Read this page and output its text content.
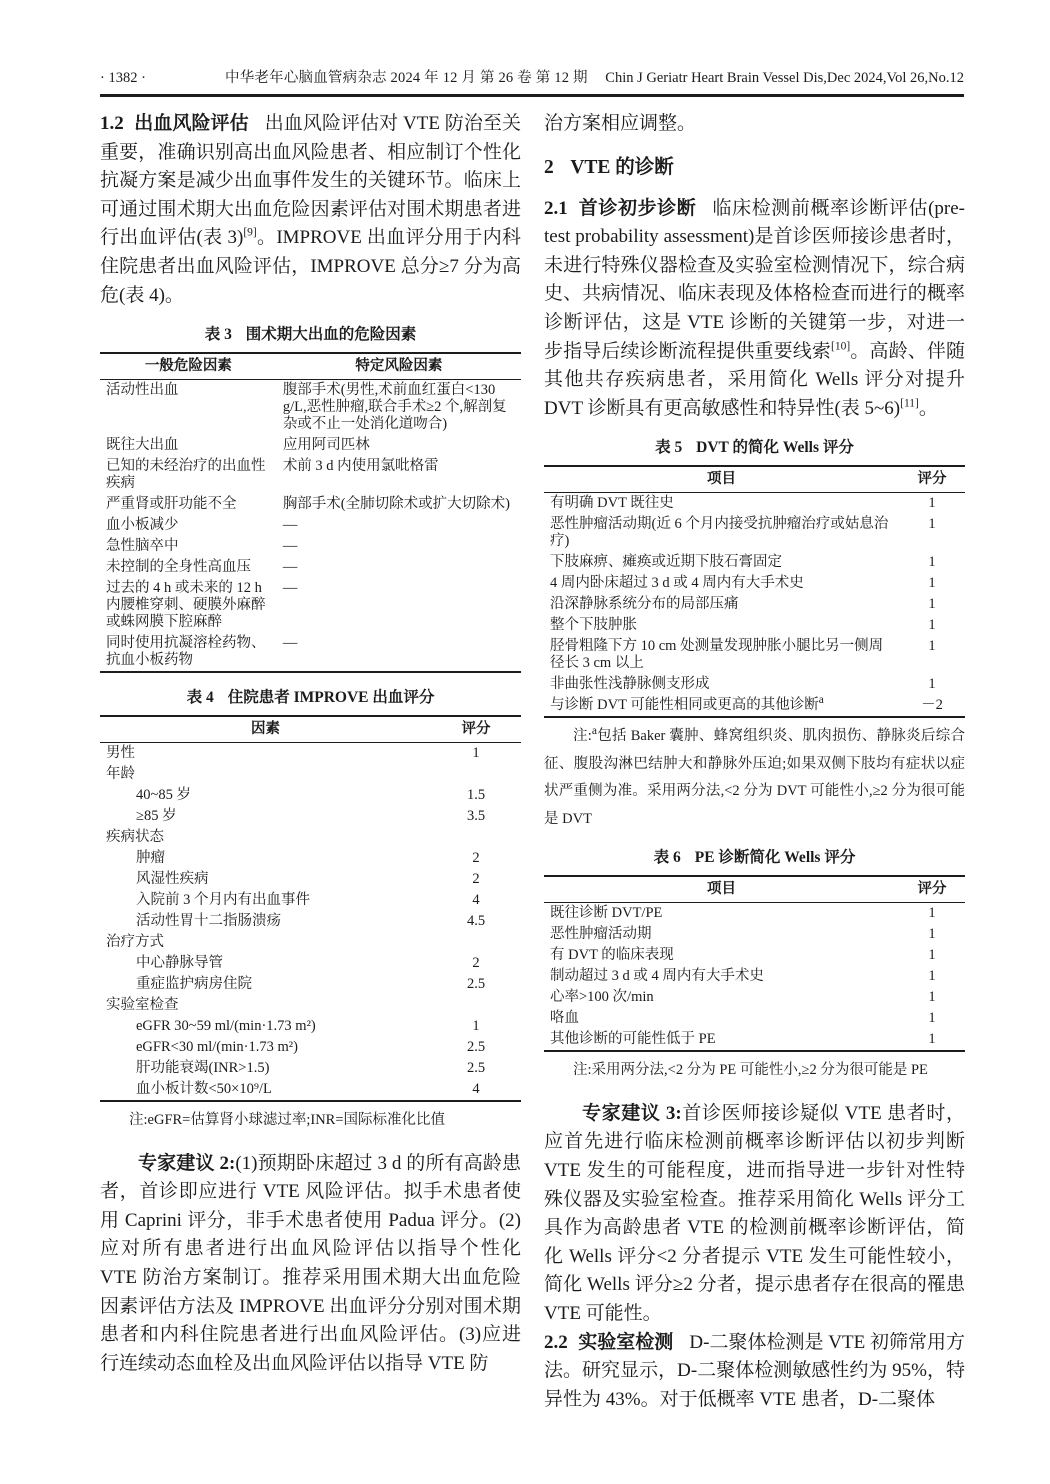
· 1382 ·	中华老年心脑血管病杂志 2024 年 12 月 第 26 卷 第 12 期 Chin J Geriatr Heart Brain Vessel Dis,Dec 2024,Vol 26,No.12

1.2 出血风险评估 出血风险评估对 VTE 防治至关重要，准确识别高出血风险患者、相应制订个性化抗凝方案是减少出血事件发生的关键环节。临床上可通过围术期大出血危险因素评估对围术期患者进行出血评估(表 3)[9]。IMPROVE 出血评分用于内科住院患者出血风险评估，IMPROVE 总分≥7 分为高危(表 4)。

表 3 围术期大出血的危险因素

一般危险因素	特定风险因素
活动性出血	腹部手术(男性,术前血红蛋白<130 g/L,恶性肿瘤,联合手术≥2 个,解剖复杂或不止一处消化道吻合)
既往大出血	应用阿司匹林
已知的未经治疗的出血性疾病	术前 3 d 内使用氯吡格雷
严重肾或肝功能不全	胸部手术(全肺切除术或扩大切除术)
血小板减少	—
急性脑卒中	—
未控制的全身性高血压	—
过去的 4 h 或未来的 12 h 内腰椎穿刺、硬膜外麻醉或蛛网膜下腔麻醉	—
同时使用抗凝溶栓药物、抗血小板药物	—

表 4 住院患者 IMPROVE 出血评分

因素	评分
男性	1
年龄	
40~85 岁	1.5
≥85 岁	3.5
疾病状态	
肿瘤	2
风湿性疾病	2
入院前 3 个月内有出血事件	4
活动性胃十二指肠溃疡	4.5
治疗方式	
中心静脉导管	2
重症监护病房住院	2.5
实验室检查	
eGFR 30~59 ml/(min·1.73 m²)	1
eGFR<30 ml/(min·1.73 m²)	2.5
肝功能衰竭(INR>1.5)	2.5
血小板计数<50×10⁹/L	4

注:eGFR=估算肾小球滤过率;INR=国际标准化比值

专家建议 2:(1)预期卧床超过 3 d 的所有高龄患者，首诊即应进行 VTE 风险评估。拟手术患者使用 Caprini 评分，非手术患者使用 Padua 评分。(2)应对所有患者进行出血风险评估以指导个性化 VTE 防治方案制订。推荐采用围术期大出血危险因素评估方法及 IMPROVE 出血评分分别对围术期患者和内科住院患者进行出血风险评估。(3)应进行连续动态血栓及出血风险评估以指导 VTE 防

治方案相应调整。

2 VTE 的诊断

2.1 首诊初步诊断 临床检测前概率诊断评估(pre-test probability assessment)是首诊医师接诊患者时，未进行特殊仪器检查及实验室检测情况下，综合病史、共病情况、临床表现及体格检查而进行的概率诊断评估，这是 VTE 诊断的关键第一步，对进一步指导后续诊断流程提供重要线索[10]。高龄、伴随其他共存疾病患者，采用简化 Wells 评分对提升 DVT 诊断具有更高敏感性和特异性(表 5~6)[11]。

表 5 DVT 的简化 Wells 评分

项目	评分
有明确 DVT 既往史	1
恶性肿瘤活动期(近 6 个月内接受抗肿瘤治疗或姑息治疗)	1
下肢麻痹、瘫痪或近期下肢石膏固定	1
4 周内卧床超过 3 d 或 4 周内有大手术史	1
沿深静脉系统分布的局部压痛	1
整个下肢肿胀	1
胫骨粗隆下方 10 cm 处测量发现肿胀小腿比另一侧周径长 3 cm 以上	1
非曲张性浅静脉侧支形成	1
与诊断 DVT 可能性相同或更高的其他诊断$^a$	－2

注:$^a$包括 Baker 囊肿、蜂窝组织炎、肌肉损伤、静脉炎后综合征、腹股沟淋巴结肿大和静脉外压迫;如果双侧下肢均有症状以症状严重侧为准。采用两分法,<2 分为 DVT 可能性小,≥2 分为很可能是 DVT

表 6 PE 诊断简化 Wells 评分

项目	评分
既往诊断 DVT/PE	1
恶性肿瘤活动期	1
有 DVT 的临床表现	1
制动超过 3 d 或 4 周内有大手术史	1
心率>100 次/min	1
咯血	1
其他诊断的可能性低于 PE	1

注:采用两分法,<2 分为 PE 可能性小,≥2 分为很可能是 PE

专家建议 3:首诊医师接诊疑似 VTE 患者时，应首先进行临床检测前概率诊断评估以初步判断 VTE 发生的可能程度，进而指导进一步针对性特殊仪器及实验室检查。推荐采用简化 Wells 评分工具作为高龄患者 VTE 的检测前概率诊断评估，简化 Wells 评分<2 分者提示 VTE 发生可能性较小，简化 Wells 评分≥2 分者，提示患者存在很高的罹患 VTE 可能性。

2.2 实验室检测 D-二聚体检测是 VTE 初筛常用方法。研究显示，D-二聚体检测敏感性约为 95%，特异性为 43%。对于低概率 VTE 患者，D-二聚体
